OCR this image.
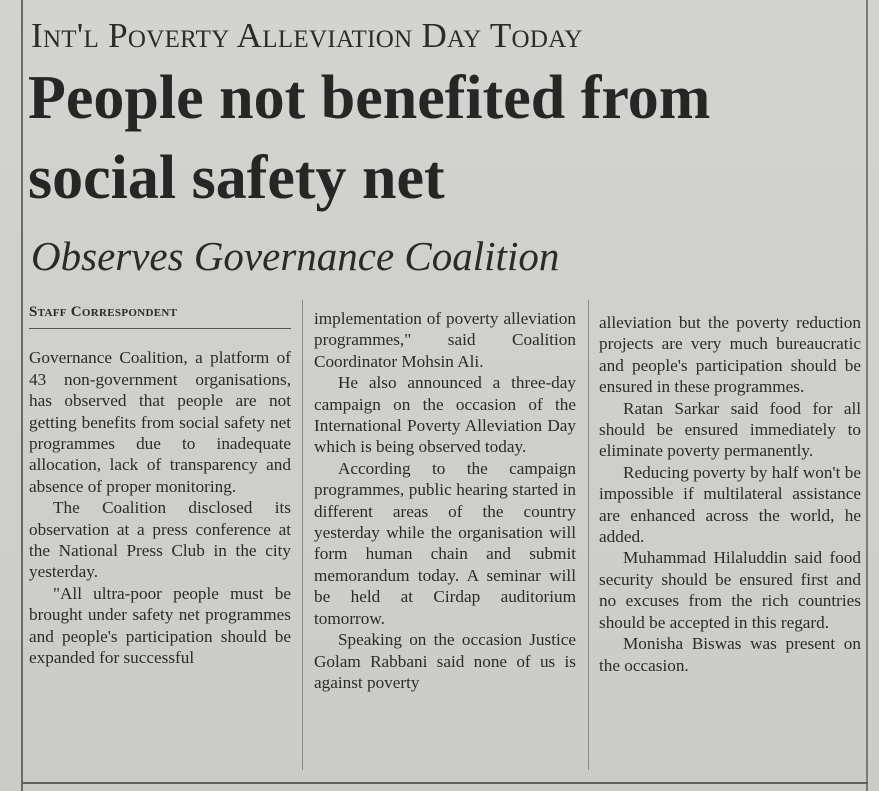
Int'l Poverty Alleviation Day Today
People not benefited from social safety net
Observes Governance Coalition
Staff Correspondent

Governance Coalition, a platform of 43 non-government organisations, has observed that people are not getting benefits from social safety net programmes due to inadequate allocation, lack of transparency and absence of proper monitoring.

The Coalition disclosed its observation at a press conference at the National Press Club in the city yesterday.

"All ultra-poor people must be brought under safety net programmes and people's participation should be expanded for successful

implementation of poverty alleviation programmes," said Coalition Coordinator Mohsin Ali.

He also announced a three-day campaign on the occasion of the International Poverty Alleviation Day which is being observed today.

According to the campaign programmes, public hearing started in different areas of the country yesterday while the organisation will form human chain and submit memorandum today. A seminar will be held at Cirdap auditorium tomorrow.

Speaking on the occasion Justice Golam Rabbani said none of us is against poverty

alleviation but the poverty reduction projects are very much bureaucratic and people's participation should be ensured in these programmes.

Ratan Sarkar said food for all should be ensured immediately to eliminate poverty permanently.

Reducing poverty by half won't be impossible if multilateral assistance are enhanced across the world, he added.

Muhammad Hilaluddin said food security should be ensured first and no excuses from the rich countries should be accepted in this regard.

Monisha Biswas was present on the occasion.
